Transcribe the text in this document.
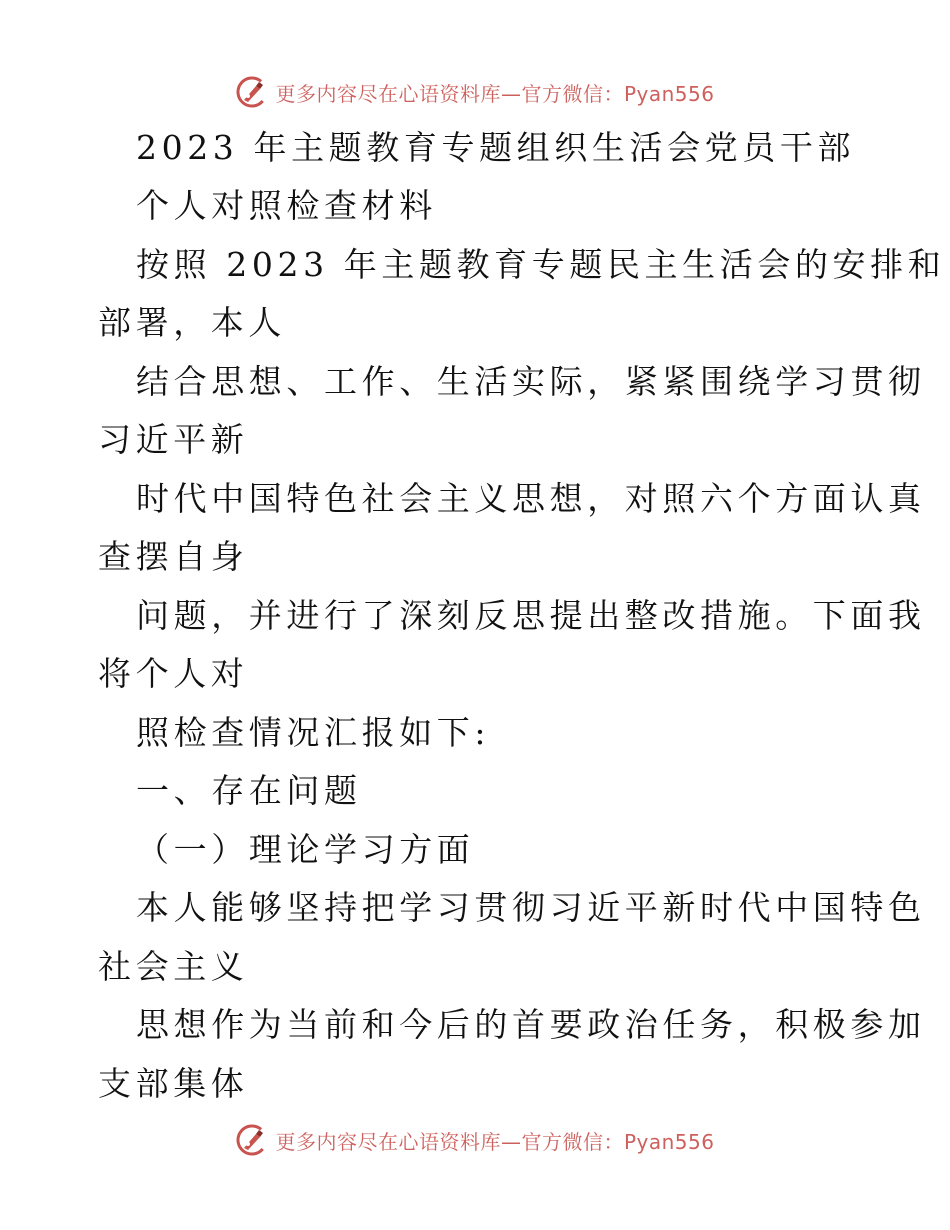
更多内容尽在心语资料库—官方微信：Pyan556
2023 年主题教育专题组织生活会党员干部
个人对照检查材料
按照 2023 年主题教育专题民主生活会的安排和
部署，本人
结合思想、工作、生活实际，紧紧围绕学习贯彻
习近平新
时代中国特色社会主义思想，对照六个方面认真
查摆自身
问题，并进行了深刻反思提出整改措施。下面我
将个人对
照检查情况汇报如下:
一、存在问题
（一）理论学习方面
本人能够坚持把学习贯彻习近平新时代中国特色
社会主义
思想作为当前和今后的首要政治任务，积极参加
支部集体
更多内容尽在心语资料库—官方微信：Pyan556
